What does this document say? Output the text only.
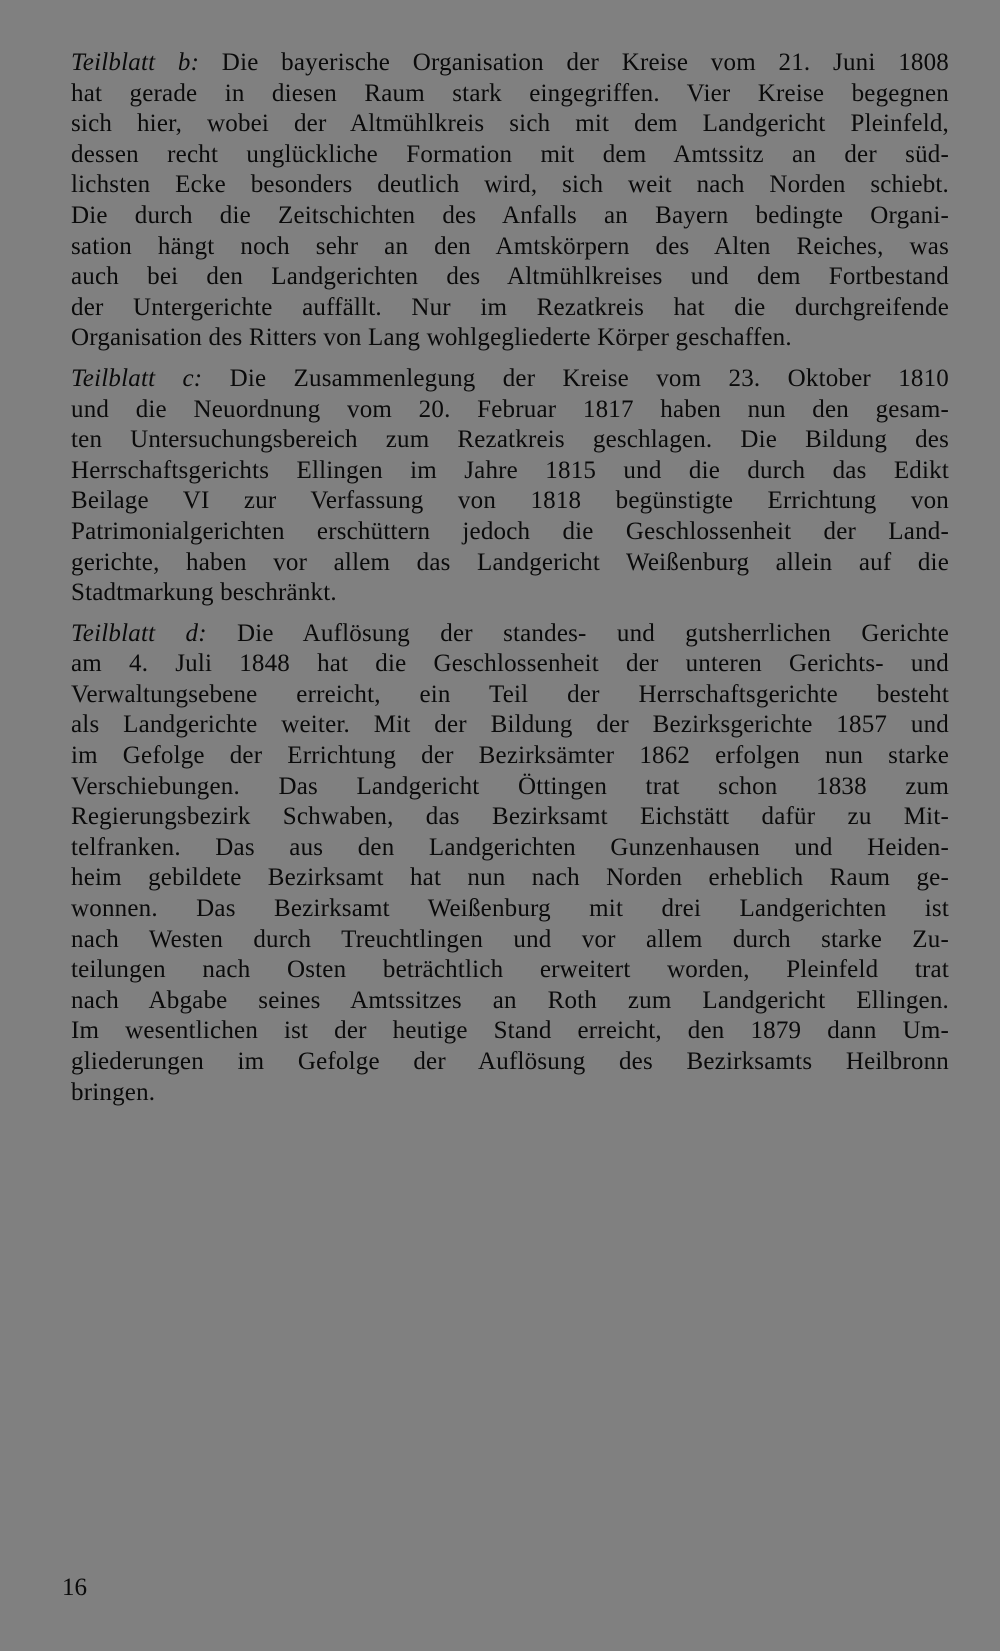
Teilblatt b: Die bayerische Organisation der Kreise vom 21. Juni 1808
hat gerade in diesen Raum stark eingegriffen. Vier Kreise begegnen
sich hier, wobei der Altmühlkreis sich mit dem Landgericht Pleinfeld,
dessen recht unglückliche Formation mit dem Amtssitz an der süd-
lichsten Ecke besonders deutlich wird, sich weit nach Norden schiebt.
Die durch die Zeitschichten des Anfalls an Bayern bedingte Organi-
sation hängt noch sehr an den Amtskörpern des Alten Reiches, was
auch bei den Landgerichten des Altmühlkreises und dem Fortbestand
der Untergerichte auffällt. Nur im Rezatkreis hat die durchgreifende
Organisation des Ritters von Lang wohlgegliederte Körper geschaffen.
Teilblatt c: Die Zusammenlegung der Kreise vom 23. Oktober 1810
und die Neuordnung vom 20. Februar 1817 haben nun den gesam-
ten Untersuchungsbereich zum Rezatkreis geschlagen. Die Bildung des
Herrschaftsgerichts Ellingen im Jahre 1815 und die durch das Edikt
Beilage VI zur Verfassung von 1818 begünstigte Errichtung von
Patrimonialgerichten erschüttern jedoch die Geschlossenheit der Land-
gerichte, haben vor allem das Landgericht Weißenburg allein auf die
Stadtmarkung beschränkt.
Teilblatt d: Die Auflösung der standes- und gutsherrlichen Gerichte
am 4. Juli 1848 hat die Geschlossenheit der unteren Gerichts- und
Verwaltungsebene erreicht, ein Teil der Herrschaftsgerichte besteht
als Landgerichte weiter. Mit der Bildung der Bezirksgerichte 1857 und
im Gefolge der Errichtung der Bezirksämter 1862 erfolgen nun starke
Verschiebungen. Das Landgericht Öttingen trat schon 1838 zum
Regierungsbezirk Schwaben, das Bezirksamt Eichstätt dafür zu Mit-
telfranken. Das aus den Landgerichten Gunzenhausen und Heiden-
heim gebildete Bezirksamt hat nun nach Norden erheblich Raum ge-
wonnen. Das Bezirksamt Weißenburg mit drei Landgerichten ist
nach Westen durch Treuchtlingen und vor allem durch starke Zu-
teilungen nach Osten beträchtlich erweitert worden, Pleinfeld trat
nach Abgabe seines Amtssitzes an Roth zum Landgericht Ellingen.
Im wesentlichen ist der heutige Stand erreicht, den 1879 dann Um-
gliederungen im Gefolge der Auflösung des Bezirksamts Heilbronn
bringen.
16
